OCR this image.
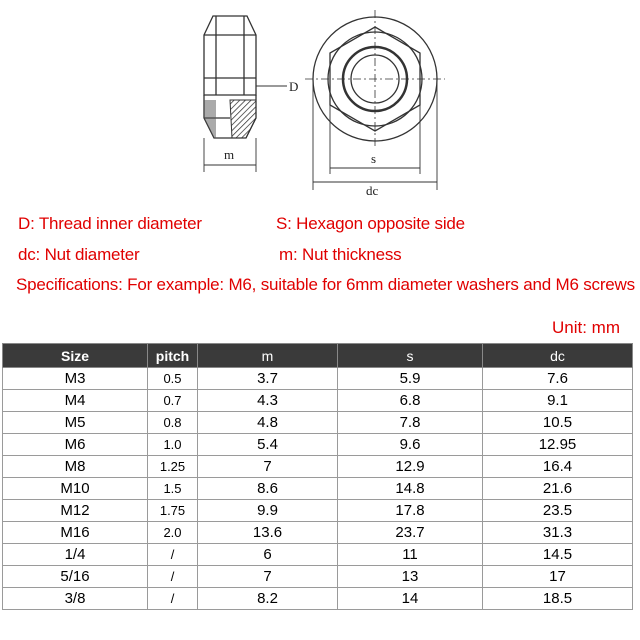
D
m	s
dc
D: Thread inner diameter	S: Hexagon opposite side
dc: Nut diameter	m: Nut thickness
Specifications: For example: M6, suitable for 6mm diameter washers and M6 screws
Unit: mm
Size	pitch	m	s	dc
M3	0.5	3.7	5.9	7.6
M4	0.7	4.3	6.8	9.1
M5	0.8	4.8	7.8	10.5
M6	1.0	5.4	9.6	12.95
M8	1.25	7	12.9	16.4
M10	1.5	8.6	14.8	21.6
M12	1.75	9.9	17.8	23.5
M16	2.0	13.6	23.7	31.3
1/4	/	6	11	14.5
5/16	/	7	13	17
3/8	/	8.2	14	18.5
